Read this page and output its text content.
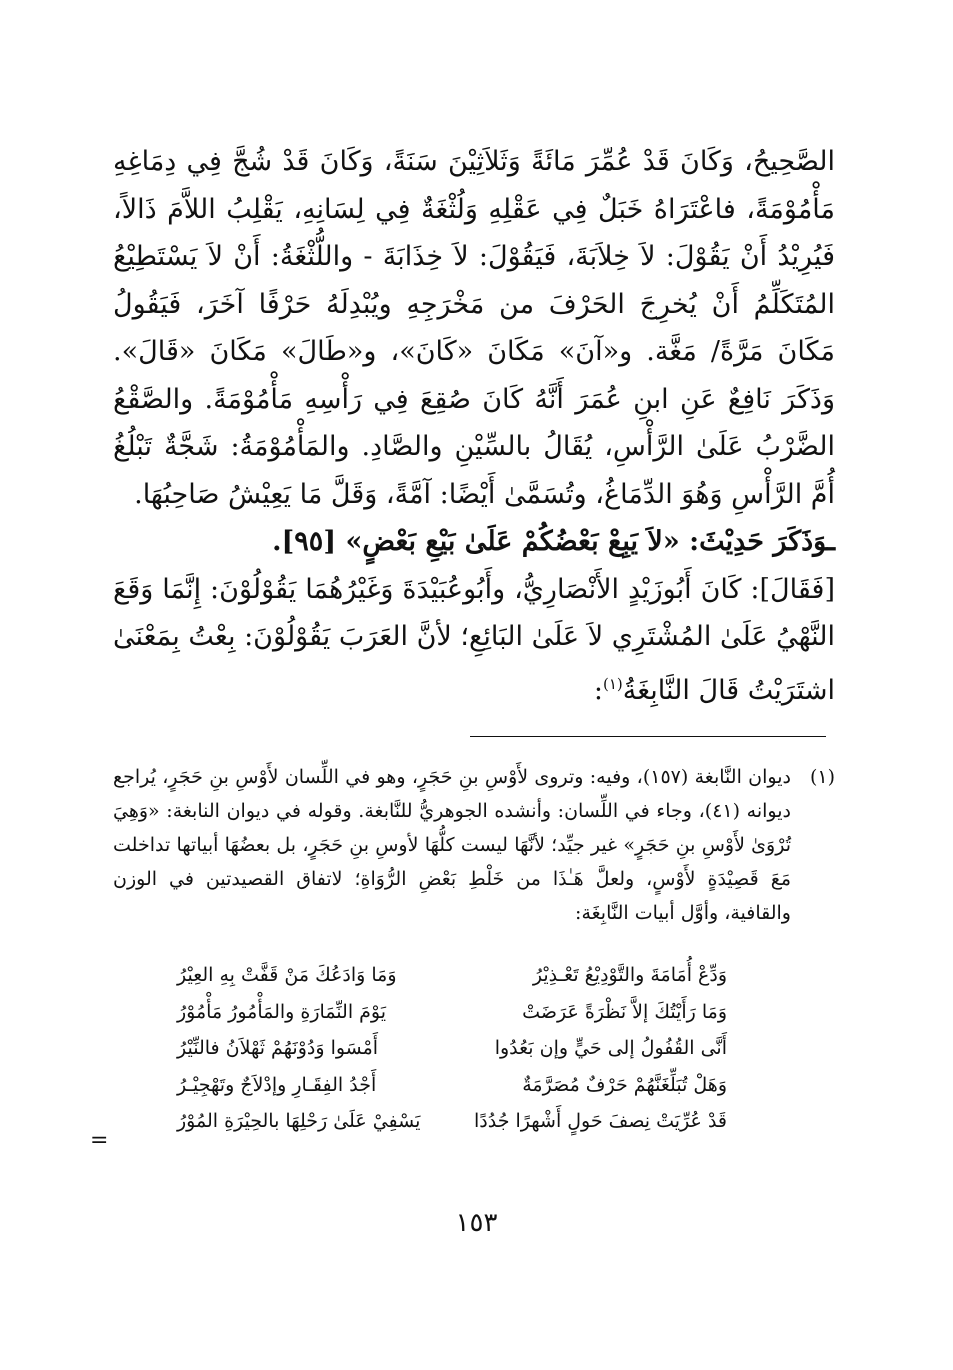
الصَّحِيحُ، وَكَانَ قَدْ عُمِّرَ مَائَةً وَثَلاَثِيْنَ سَنَةً، وَكَانَ قَدْ شُجَّ فِي دِمَاغِهِ مَأْمُوْمَةً، فاعْتَرَاهُ خَبَلٌ فِي عَقْلِهِ وَلُثْغَةٌ فِي لِسَانِهِ، يَقْلِبُ اللاَّمَ ذَالاً، فَيُرِيْدُ أَنْ يَقُوْلَ: لاَ خِلاَبَةَ، فَيَقُوْلَ: لاَ خِذَابَةَ - واللُّثْغَةُ: أَنْ لاَ يَسْتَطِيْعُ المُتَكَلِّمُ أَنْ يُخرِجَ الحَرْفَ من مَخْرَجِهِ ويُبْدِلَهُ حَرْفًا آخَرَ، فَيَقُولُ مَكَانَ مَرَّةً/ مَغَّة. و«آنَ» مَكَانَ «كَانَ»، و«طَالَ» مَكَانَ «قَالَ». وَذَكَرَ نَافِعٌ عَنِ ابنِ عُمَرَ أَنَّهُ كَانَ صُقِعَ فِي رَأْسِهِ مَأْمُوْمَةً. والصَّقْعُ الضَّرْبُ عَلَىٰ الرَّأْسِ، يُقَالُ بالسِّيْنِ والصَّادِ. والمَأْمُوْمَةُ: شَجَّةٌ تَبْلُغُ أُمَّ الرَّأْسِ وَهُوَ الدِّمَاغُ، وتُسَمَّىٰ أَيْضًا: آمَّةً، وَقَلَّ مَا يَعِيْشُ صَاحِبُهَا.

ـوَذَكَرَ حَدِيْثَ: «لاَ يَبِعْ بَعْضُكُمْ عَلَىٰ بَيْعِ بَعْضٍ» [٩٥].

[فَقَالَ]: كَانَ أَبُوزَيْدٍ الأَنْصَارِيُّ، وأَبُوعُبَيْدَةَ وَغَيْرُهُمَا يَقُوْلُوْنَ: إِنَّمَا وَقَعَ النَّهْيُ عَلَىٰ المُشْتَرِي لاَ عَلَىٰ البَائِعِ؛ لأنَّ العَرَبَ يَقُوْلُوْنَ: بِعْتُ بِمَعْنَىٰ اشتَرَيْتُ قَالَ النَّابِغَةُ$^{(١)}$:

(١)
ديوان النَّابغة (١٥٧)، وفيه: وتروى لأَوْسِ بنِ حَجَرٍ، وهو في اللِّسان لأَوْسِ بنِ حَجَرٍ، يُراجع ديوانه (٤١)، وجاء في اللِّسان: وأنشده الجوهريُّ للنَّابغة. وقوله في ديوان النابغة: «وَهِيَ تُرْوَىٰ لأَوْسِ بنِ حَجَرٍ» غير جيِّد؛ لأنَّهَا ليست كلُّهَا لأوسِ بنِ حَجَرٍ، بل بعضُهَا أبياتها تداخلت مَعَ قَصِيْدَةٍ لأَوْسٍ، ولعلَّ هَـٰذَا من خَلْطِ بَعْضِ الرُّوَاةِ؛ لاتفاق القصيدتين في الوزن والقافية، وأوَّل أبيات النَّابِغَة:
وَدِّعْ أُمَامَةَ والتَّوْدِيْعُ تَعْـذِيْرُ
وَمَا وَادَعُكَ مَنْ قَفَّتْ بِهِ العِيْرُ
وَمَا رَأَيْتُكَ إلاَّ نَظْرَةً عَرَضَتْ
يَوْمَ النِّمَارَةِ والمَأْمُورُ مَأْمُوْرُ
أَنَّى القُفُولُ إلى حَيٍّ وإن بَعُدُوا
أَمْسَوا وَدُوْنَهُمْ ثَهْلاَنُ فالنِّيْرُ
وَهَلْ تُبَلِّغَنَّهُمْ حَرْفٌ مُصَرَّمَةٌ
أَجْدُ الفِقَـارِ وإدْلاَجٌ وتَهْجِيْـرُ
قَدْ عُرِّيَتْ نِصفَ حَولٍ أَشْهرًا جُدُدًا
يَسْفِيْ عَلَىٰ رَحْلِهَا بالحِيْرَةِ المُوْرُ
=
١٥٣
